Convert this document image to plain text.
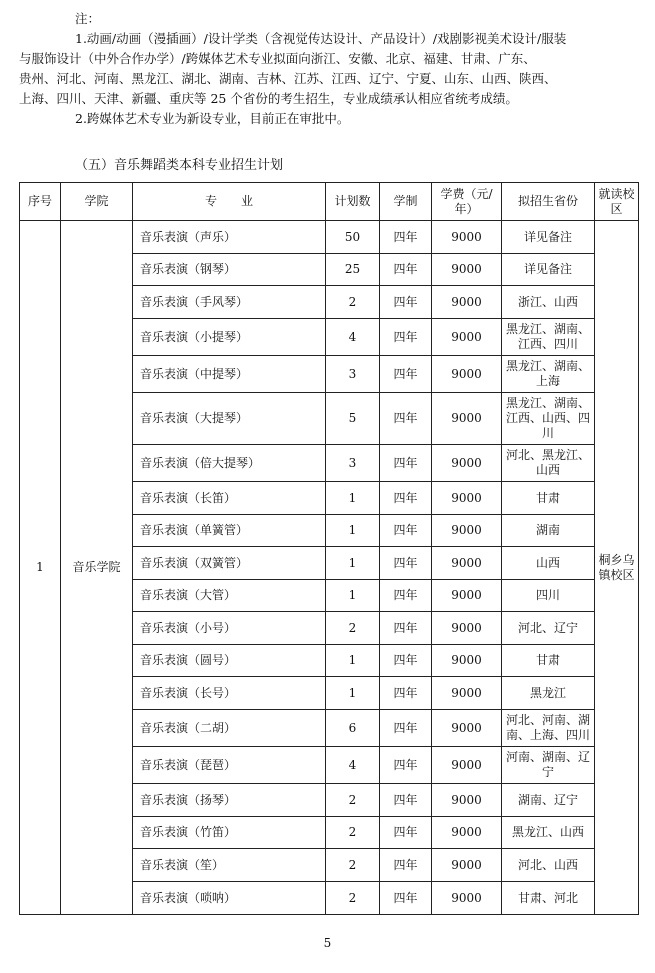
注：

1.动画/动画（漫插画）/设计学类（含视觉传达设计、产品设计）/戏剧影视美术设计/服装

与服饰设计（中外合作办学）/跨媒体艺术专业拟面向浙江、安徽、北京、福建、甘肃、广东、

贵州、河北、河南、黑龙江、湖北、湖南、吉林、江苏、江西、辽宁、宁夏、山东、山西、陕西、

上海、四川、天津、新疆、重庆等 25 个省份的考生招生，专业成绩承认相应省统考成绩。

2.跨媒体艺术专业为新设专业，目前正在审批中。

（五）音乐舞蹈类本科专业招生计划
序号	学院	专　　业	计划数	学制	学费（元/年）	拟招生省份	就读校区
1	音乐学院	音乐表演（声乐）	50	四年	9000	详见备注	桐乡乌镇校区
		音乐表演（钢琴）	25	四年	9000	详见备注	
		音乐表演（手风琴）	2	四年	9000	浙江、山西	
		音乐表演（小提琴）	4	四年	9000	黑龙江、湖南、江西、四川	
		音乐表演（中提琴）	3	四年	9000	黑龙江、湖南、上海	
		音乐表演（大提琴）	5	四年	9000	黑龙江、湖南、江西、山西、四川	
		音乐表演（倍大提琴）	3	四年	9000	河北、黑龙江、山西	
		音乐表演（长笛）	1	四年	9000	甘肃	
		音乐表演（单簧管）	1	四年	9000	湖南	
		音乐表演（双簧管）	1	四年	9000	山西	
		音乐表演（大管）	1	四年	9000	四川	
		音乐表演（小号）	2	四年	9000	河北、辽宁	
		音乐表演（圆号）	1	四年	9000	甘肃	
		音乐表演（长号）	1	四年	9000	黑龙江	
		音乐表演（二胡）	6	四年	9000	河北、河南、湖南、上海、四川	
		音乐表演（琵琶）	4	四年	9000	河南、湖南、辽宁	
		音乐表演（扬琴）	2	四年	9000	湖南、辽宁	
		音乐表演（竹笛）	2	四年	9000	黑龙江、山西	
		音乐表演（笙）	2	四年	9000	河北、山西	
		音乐表演（唢呐）	2	四年	9000	甘肃、河北	
5
